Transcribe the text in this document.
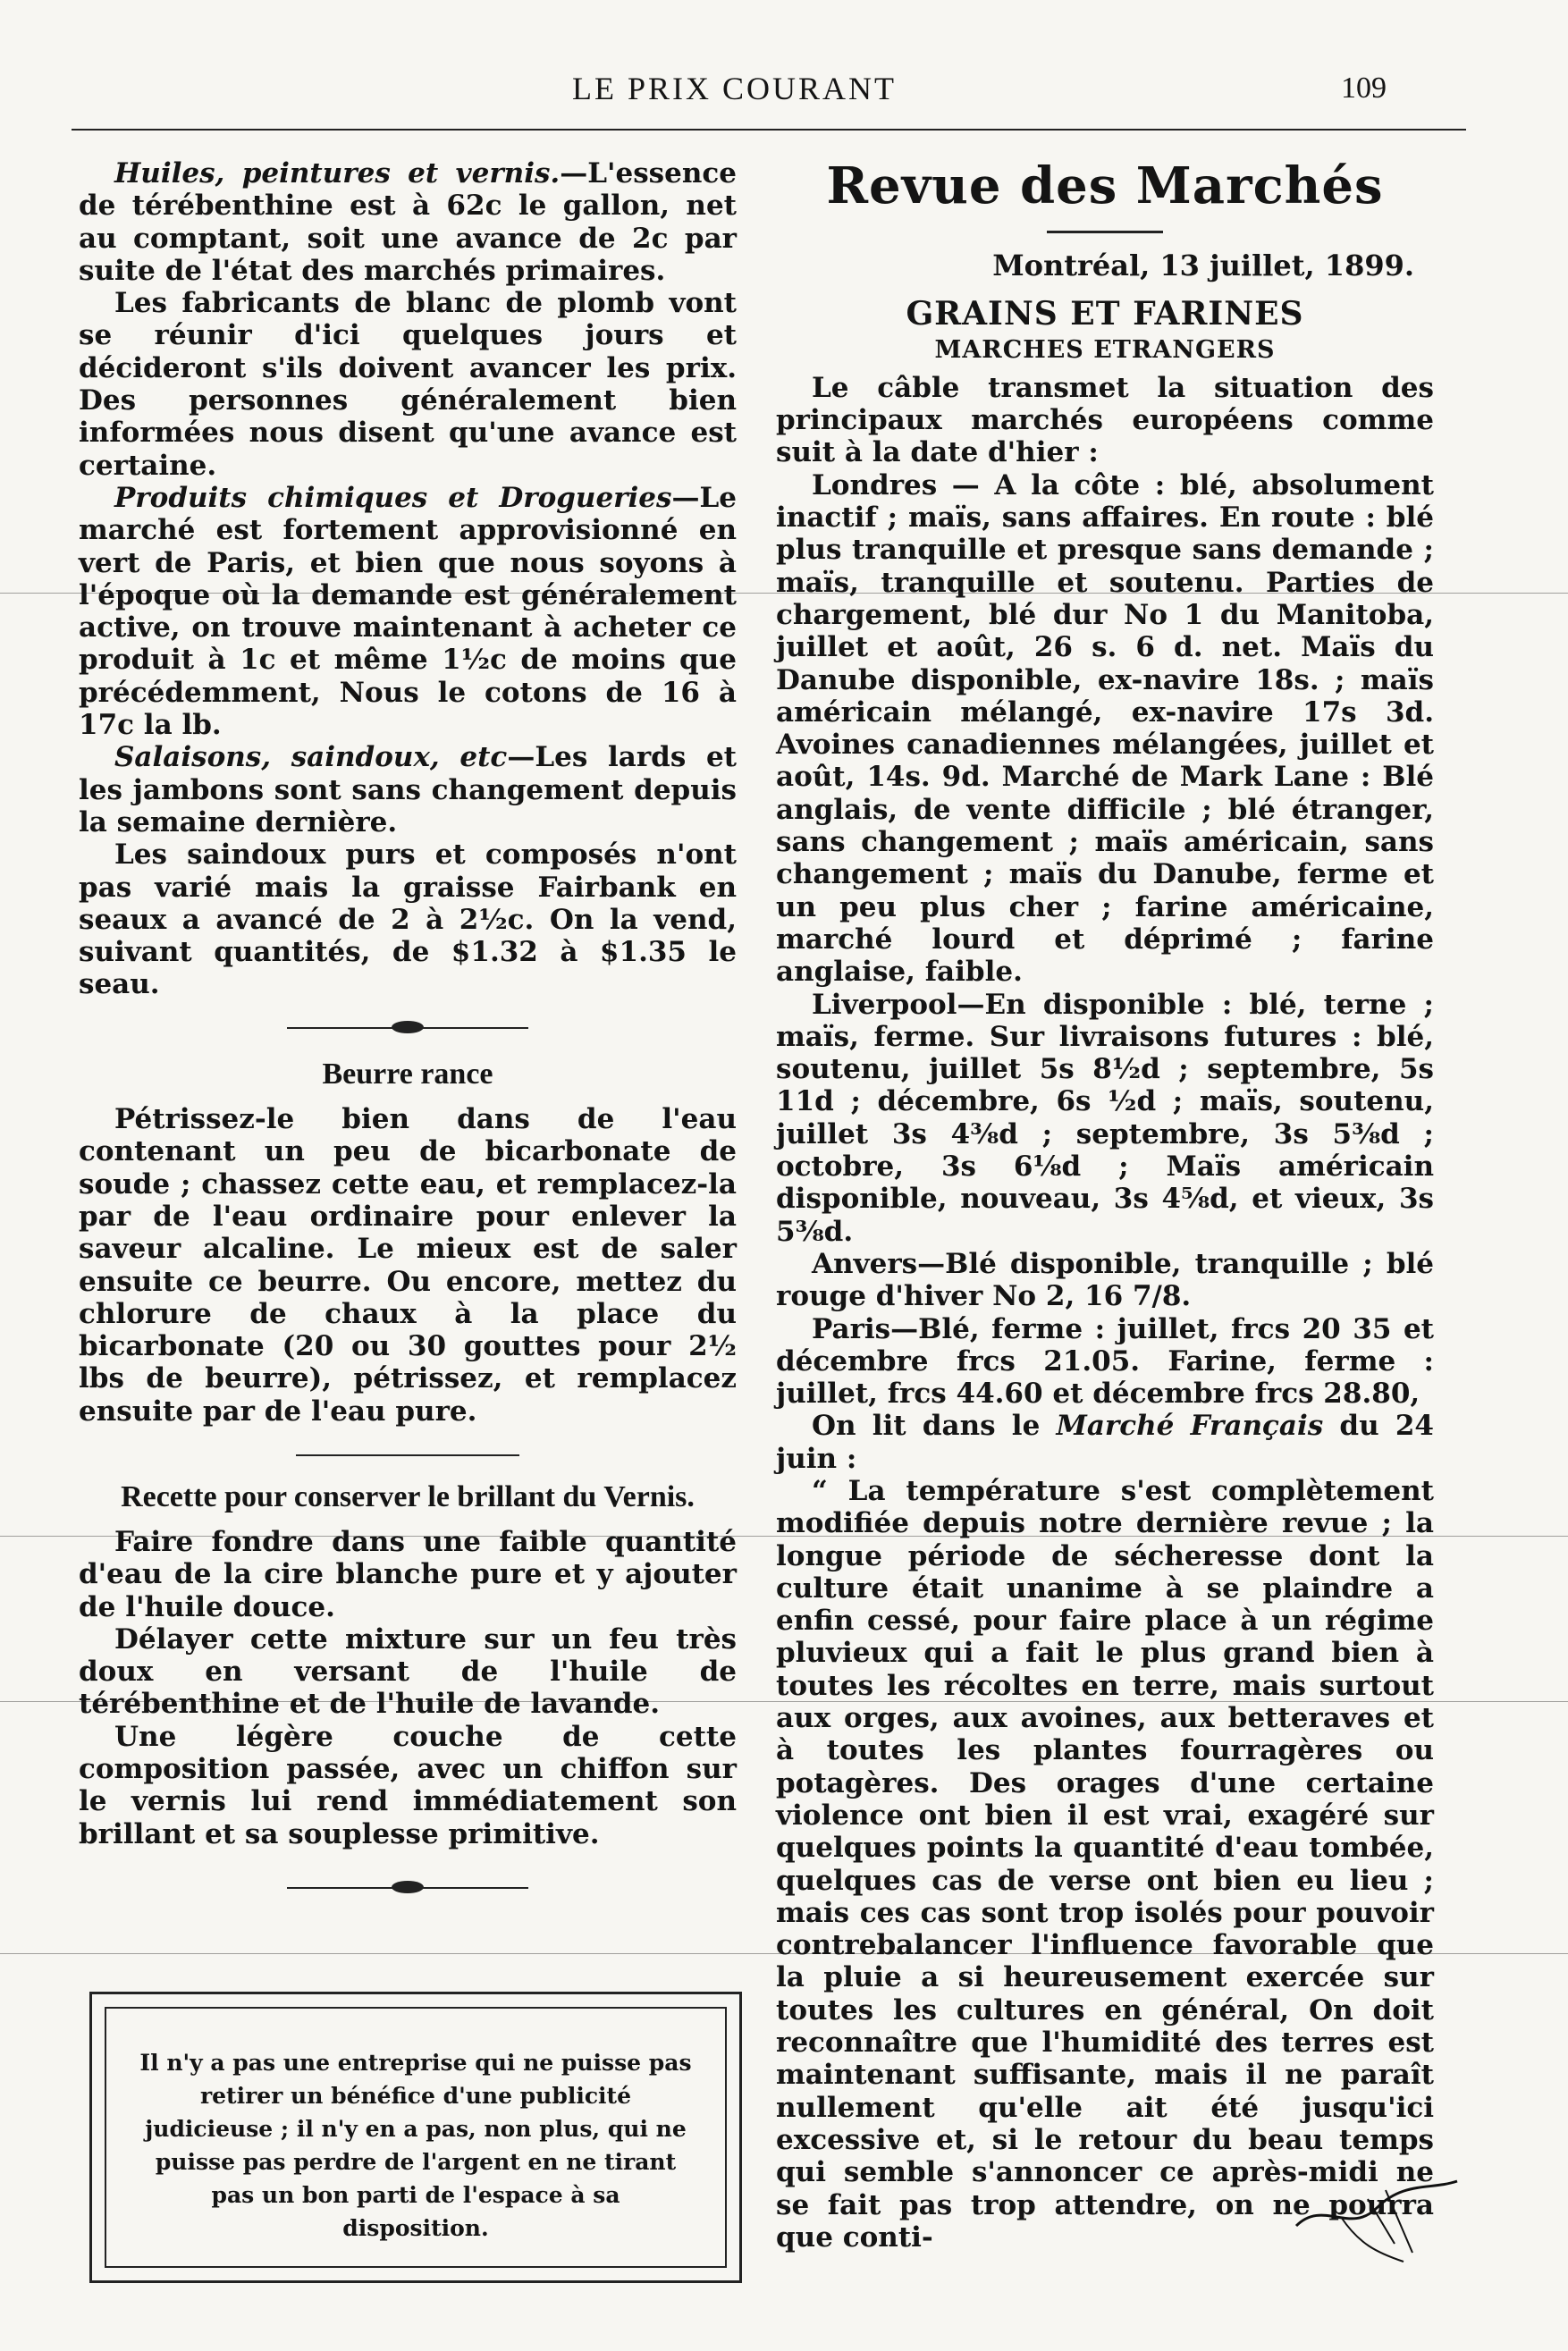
LE PRIX COURANT	109

Huiles, peintures et vernis.—L'essence de térébenthine est à 62c le gallon, net au comptant, soit une avance de 2c par suite de l'état des marchés primaires.

Les fabricants de blanc de plomb vont se réunir d'ici quelques jours et décideront s'ils doivent avancer les prix. Des personnes généralement bien informées nous disent qu'une avance est certaine.

Produits chimiques et Drogueries—Le marché est fortement approvisionné en vert de Paris, et bien que nous soyons à l'époque où la demande est généralement active, on trouve maintenant à acheter ce produit à 1c et même 1½c de moins que précédemment, Nous le cotons de 16 à 17c la lb.

Salaisons, saindoux, etc—Les lards et les jambons sont sans changement depuis la semaine dernière.

Les saindoux purs et composés n'ont pas varié mais la graisse Fairbank en seaux a avancé de 2 à 2½c. On la vend, suivant quantités, de $1.32 à $1.35 le seau.

Beurre rance

Pétrissez-le bien dans de l'eau contenant un peu de bicarbonate de soude ; chassez cette eau, et remplacez-la par de l'eau ordinaire pour enlever la saveur alcaline. Le mieux est de saler ensuite ce beurre. Ou encore, mettez du chlorure de chaux à la place du bicarbonate (20 ou 30 gouttes pour 2½ lbs de beurre), pétrissez, et remplacez ensuite par de l'eau pure.

Recette pour conserver le brillant du Vernis.

Faire fondre dans une faible quantité d'eau de la cire blanche pure et y ajouter de l'huile douce.

Délayer cette mixture sur un feu très doux en versant de l'huile de térébenthine et de l'huile de lavande.

Une légère couche de cette composition passée, avec un chiffon sur le vernis lui rend immédiatement son brillant et sa souplesse primitive.

Il n'y a pas une entreprise qui ne puisse pas retirer un bénéfice d'une publicité judicieuse ; il n'y en a pas, non plus, qui ne puisse pas perdre de l'argent en ne tirant pas un bon parti de l'espace à sa disposition.

Revue des Marchés
Montréal, 13 juillet, 1899.
GRAINS ET FARINES
MARCHES ETRANGERS

Le câble transmet la situation des principaux marchés européens comme suit à la date d'hier :

Londres — A la côte : blé, absolument inactif ; maïs, sans affaires. En route : blé plus tranquille et presque sans demande ; maïs, tranquille et soutenu. Parties de chargement, blé dur No 1 du Manitoba, juillet et août, 26 s. 6 d. net. Maïs du Danube disponible, ex-navire 18s. ; maïs américain mélangé, ex-navire 17s 3d. Avoines canadiennes mélangées, juillet et août, 14s. 9d. Marché de Mark Lane : Blé anglais, de vente difficile ; blé étranger, sans changement ; maïs américain, sans changement ; maïs du Danube, ferme et un peu plus cher ; farine américaine, marché lourd et déprimé ; farine anglaise, faible.

Liverpool—En disponible : blé, terne ; maïs, ferme. Sur livraisons futures : blé, soutenu, juillet 5s 8½d ; septembre, 5s 11d ; décembre, 6s ½d ; maïs, soutenu, juillet 3s 4⅜d ; septembre, 3s 5⅜d ; octobre, 3s 6⅛d ; Maïs américain disponible, nouveau, 3s 4⅝d, et vieux, 3s 5⅜d.

Anvers—Blé disponible, tranquille ; blé rouge d'hiver No 2, 16 7/8.

Paris—Blé, ferme : juillet, frcs 20 35 et décembre frcs 21.05. Farine, ferme : juillet, frcs 44.60 et décembre frcs 28.80,

On lit dans le Marché Français du 24 juin :

“ La température s'est complètement modifiée depuis notre dernière revue ; la longue période de sécheresse dont la culture était unanime à se plaindre a enfin cessé, pour faire place à un régime pluvieux qui a fait le plus grand bien à toutes les récoltes en terre, mais surtout aux orges, aux avoines, aux betteraves et à toutes les plantes fourragères ou potagères. Des orages d'une certaine violence ont bien il est vrai, exagéré sur quelques points la quantité d'eau tombée, quelques cas de verse ont bien eu lieu ; mais ces cas sont trop isolés pour pouvoir contrebalancer l'influence favorable que la pluie a si heureusement exercée sur toutes les cultures en général, On doit reconnaître que l'humidité des terres est maintenant suffisante, mais il ne paraît nullement qu'elle ait été jusqu'ici excessive et, si le retour du beau temps qui semble s'annoncer ce après-midi ne se fait pas trop attendre, on ne pourra que conti-
